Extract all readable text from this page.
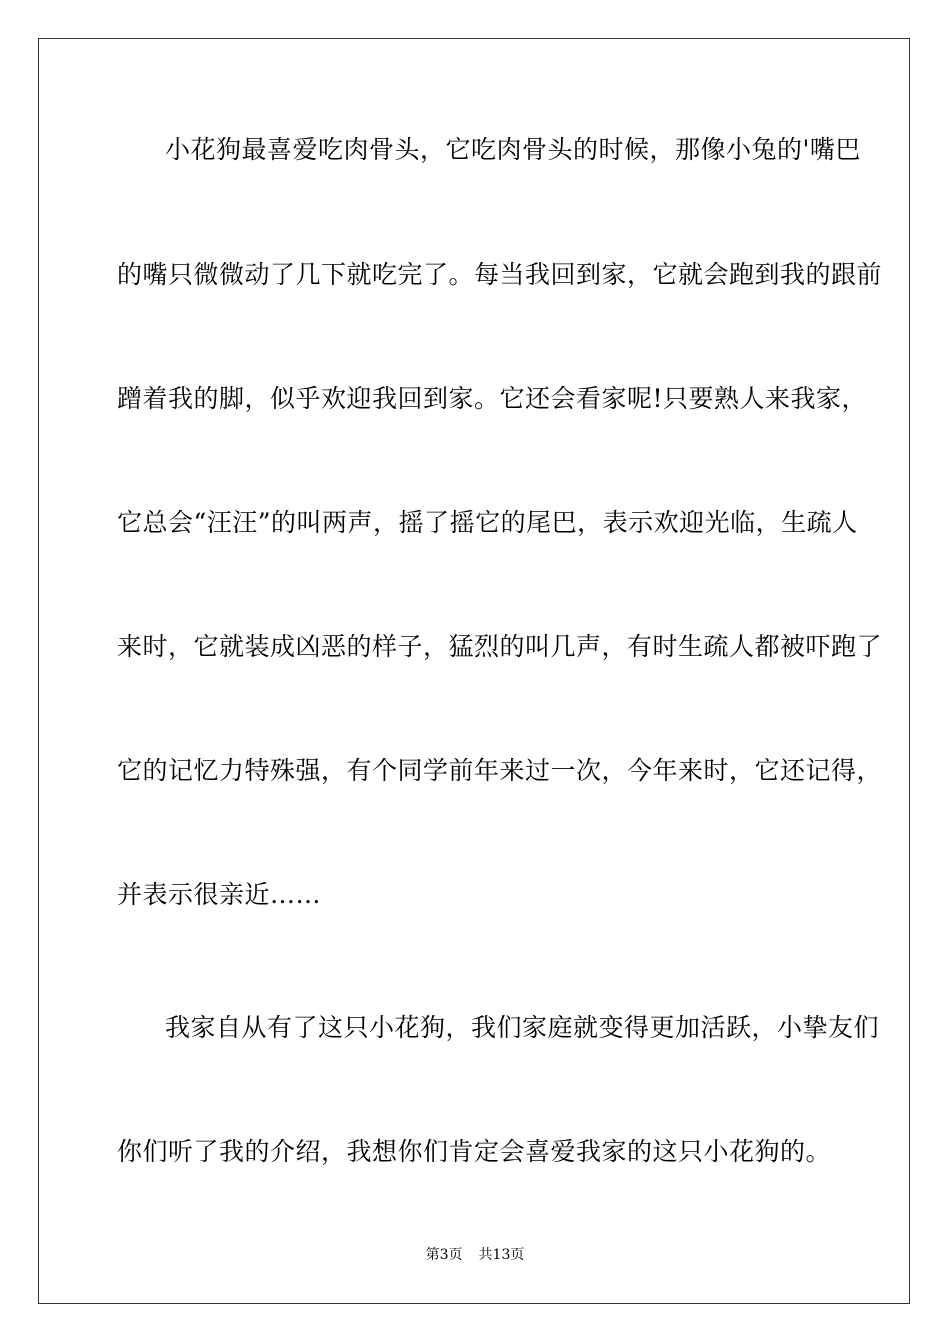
小花狗最喜爱吃肉骨头，它吃肉骨头的时候，那像小兔的'嘴巴
的嘴只微微动了几下就吃完了。每当我回到家，它就会跑到我的跟前
蹭着我的脚，似乎欢迎我回到家。它还会看家呢!只要熟人来我家，
它总会“汪汪”的叫两声，摇了摇它的尾巴，表示欢迎光临，生疏人
来时，它就装成凶恶的样子，猛烈的叫几声，有时生疏人都被吓跑了
它的记忆力特殊强，有个同学前年来过一次，今年来时，它还记得，
并表示很亲近……
我家自从有了这只小花狗，我们家庭就变得更加活跃，小挚友们
你们听了我的介绍，我想你们肯定会喜爱我家的这只小花狗的。
第3页 共13页
